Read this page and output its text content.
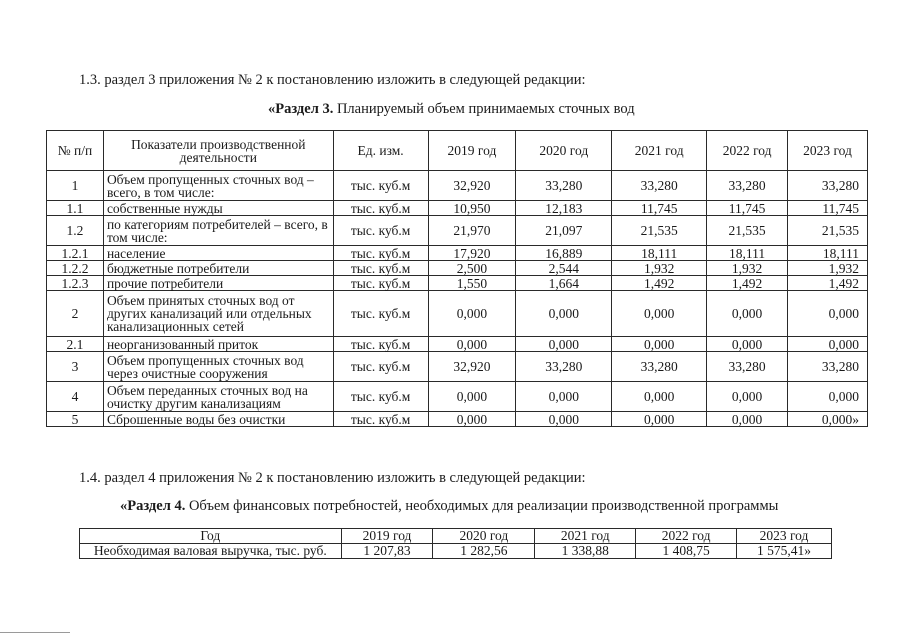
1.3. раздел 3 приложения № 2 к постановлению изложить в следующей редакции:
«Раздел 3. Планируемый объем принимаемых сточных вод
№ п/п	Показатели производственной деятельности	Ед. изм.	2019 год	2020 год	2021 год	2022 год	2023 год
1	Объем пропущенных сточных вод – всего, в том числе:	тыс. куб.м	32,920	33,280	33,280	33,280	33,280
1.1	собственные нужды	тыс. куб.м	10,950	12,183	11,745	11,745	11,745
1.2	по категориям потребителей – всего, в том числе:	тыс. куб.м	21,970	21,097	21,535	21,535	21,535
1.2.1	население	тыс. куб.м	17,920	16,889	18,111	18,111	18,111
1.2.2	бюджетные потребители	тыс. куб.м	2,500	2,544	1,932	1,932	1,932
1.2.3	прочие потребители	тыс. куб.м	1,550	1,664	1,492	1,492	1,492
2	Объем принятых сточных вод от других канализаций или отдельных канализационных сетей	тыс. куб.м	0,000	0,000	0,000	0,000	0,000
2.1	неорганизованный приток	тыс. куб.м	0,000	0,000	0,000	0,000	0,000
3	Объем пропущенных сточных вод через очистные сооружения	тыс. куб.м	32,920	33,280	33,280	33,280	33,280
4	Объем переданных сточных вод на очистку другим канализациям	тыс. куб.м	0,000	0,000	0,000	0,000	0,000
5	Сброшенные воды без очистки	тыс. куб.м	0,000	0,000	0,000	0,000	0,000»
1.4. раздел 4 приложения № 2 к постановлению изложить в следующей редакции:
«Раздел 4. Объем финансовых потребностей, необходимых для реализации производственной программы
Год	2019 год	2020 год	2021 год	2022 год	2023 год
Необходимая валовая выручка, тыс. руб.	1 207,83	1 282,56	1 338,88	1 408,75	1 575,41»
